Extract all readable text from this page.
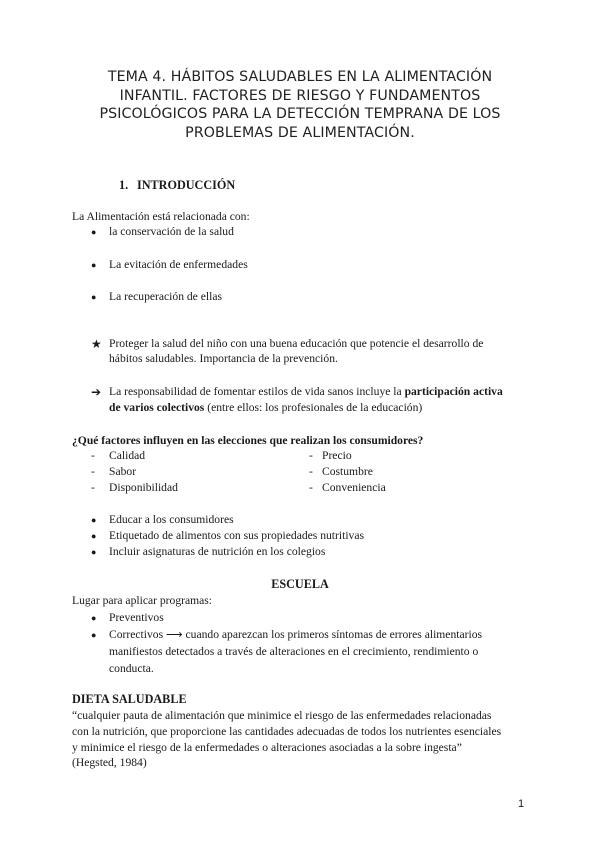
TEMA 4. HÁBITOS SALUDABLES EN LA ALIMENTACIÓN
INFANTIL. FACTORES DE RIESGO Y FUNDAMENTOS
PSICOLÓGICOS PARA LA DETECCIÓN TEMPRANA DE LOS
PROBLEMAS DE ALIMENTACIÓN.
1. INTRODUCCIÓN
La Alimentación está relacionada con:
● la conservación de la salud
● La evitación de enfermedades
● La recuperación de ellas
★ Proteger la salud del niño con una buena educación que potencie el desarrollo de
hábitos saludables. Importancia de la prevención.
➔ La responsabilidad de fomentar estilos de vida sanos incluye la participación activa
de varios colectivos (entre ellos: los profesionales de la educación)
¿Qué factores influyen en las elecciones que realizan los consumidores?
- Calidad
- Sabor
- Disponibilidad
- Precio
- Costumbre
- Conveniencia
● Educar a los consumidores
● Etiquetado de alimentos con sus propiedades nutritivas
● Incluir asignaturas de nutrición en los colegios
ESCUELA
Lugar para aplicar programas:
● Preventivos
● Correctivos ⟶ cuando aparezcan los primeros síntomas de errores alimentarios
manifiestos detectados a través de alteraciones en el crecimiento, rendimiento o
conducta.
DIETA SALUDABLE
“cualquier pauta de alimentación que minimice el riesgo de las enfermedades relacionadas
con la nutrición, que proporcione las cantidades adecuadas de todos los nutrientes esenciales
y minimice el riesgo de la enfermedades o alteraciones asociadas a la sobre ingesta”
(Hegsted, 1984)
1
